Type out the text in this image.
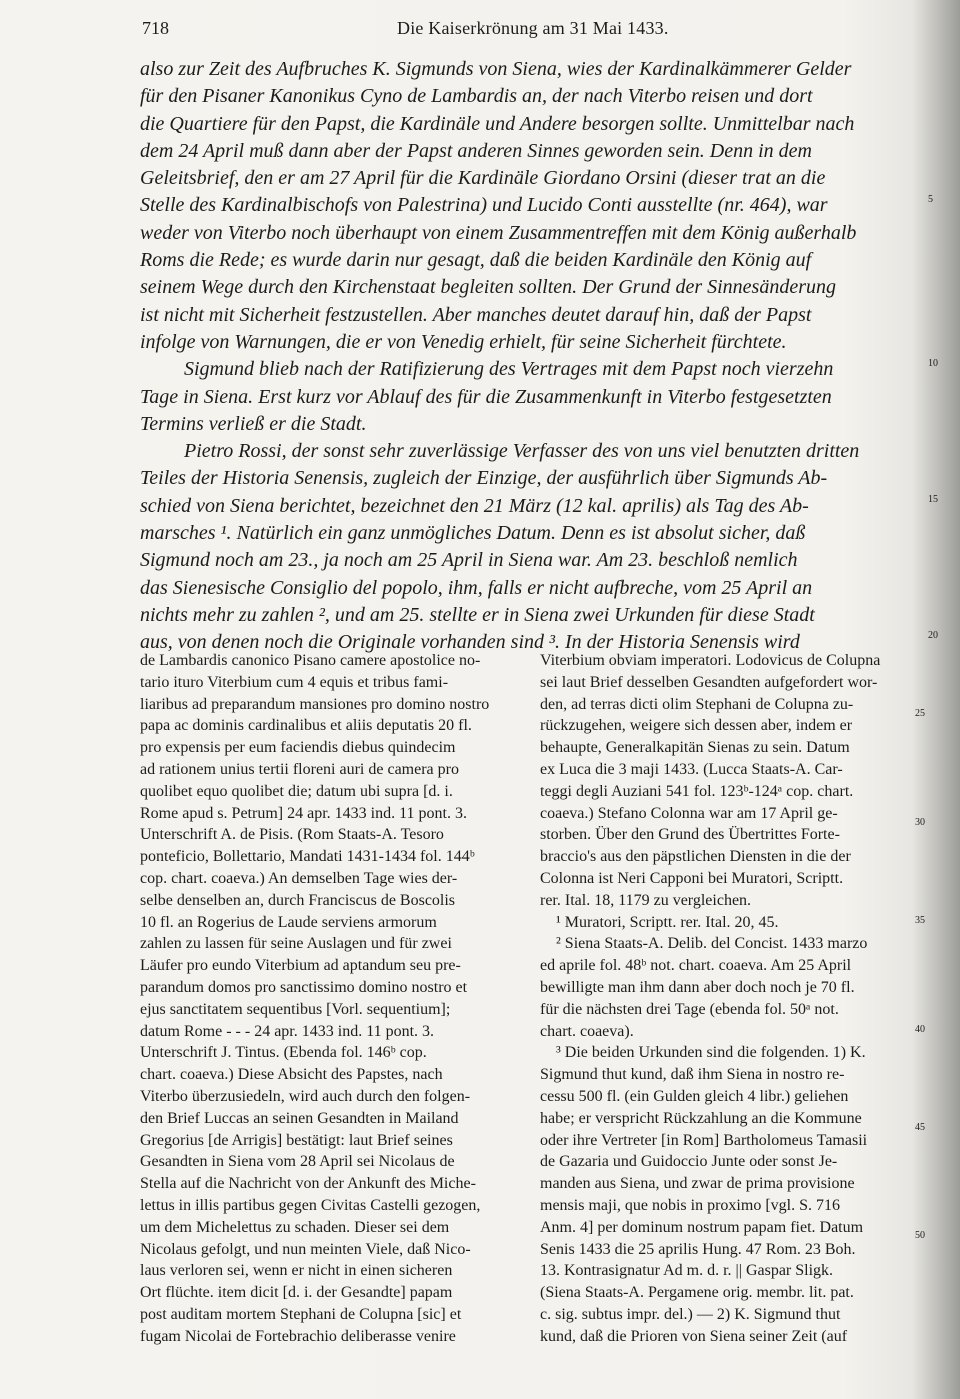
718	Die Kaiserkrönung am 31 Mai 1433.
also zur Zeit des Aufbruches K. Sigmunds von Siena, wies der Kardinalkämmerer Gelder
für den Pisaner Kanonikus Cyno de Lambardis an, der nach Viterbo reisen und dort
die Quartiere für den Papst, die Kardinäle und Andere besorgen sollte. Unmittelbar nach
dem 24 April muß dann aber der Papst anderen Sinnes geworden sein. Denn in dem
Geleitsbrief, den er am 27 April für die Kardinäle Giordano Orsini (dieser trat an die
Stelle des Kardinalbischofs von Palestrina) und Lucido Conti ausstellte (nr. 464), war
weder von Viterbo noch überhaupt von einem Zusammentreffen mit dem König außerhalb
Roms die Rede; es wurde darin nur gesagt, daß die beiden Kardinäle den König auf
seinem Wege durch den Kirchenstaat begleiten sollten. Der Grund der Sinnesänderung
ist nicht mit Sicherheit festzustellen. Aber manches deutet darauf hin, daß der Papst
infolge von Warnungen, die er von Venedig erhielt, für seine Sicherheit fürchtete.
Sigmund blieb nach der Ratifizierung des Vertrages mit dem Papst noch vierzehn
Tage in Siena. Erst kurz vor Ablauf des für die Zusammenkunft in Viterbo festgesetzten
Termins verließ er die Stadt.
Pietro Rossi, der sonst sehr zuverlässige Verfasser des von uns viel benutzten dritten
Teiles der Historia Senensis, zugleich der Einzige, der ausführlich über Sigmunds Ab-
schied von Siena berichtet, bezeichnet den 21 März (12 kal. aprilis) als Tag des Ab-
marsches ¹. Natürlich ein ganz unmögliches Datum. Denn es ist absolut sicher, daß
Sigmund noch am 23., ja noch am 25 April in Siena war. Am 23. beschloß nemlich
das Sienesische Consiglio del popolo, ihm, falls er nicht aufbreche, vom 25 April an
nichts mehr zu zahlen ², und am 25. stellte er in Siena zwei Urkunden für diese Stadt
aus, von denen noch die Originale vorhanden sind ³. In der Historia Senensis wird
5
10
15
20
de Lambardis canonico Pisano camere apostolice no-
tario ituro Viterbium cum 4 equis et tribus fami-
liaribus ad preparandum mansiones pro domino nostro
papa ac dominis cardinalibus et aliis deputatis 20 fl.
pro expensis per eum faciendis diebus quindecim
ad rationem unius tertii floreni auri de camera pro
quolibet equo quolibet die; datum ubi supra [d. i.
Rome apud s. Petrum] 24 apr. 1433 ind. 11 pont. 3.
Unterschrift A. de Pisis. (Rom Staats-A. Tesoro
ponteficio, Bollettario, Mandati 1431-1434 fol. 144ᵇ
cop. chart. coaeva.) An demselben Tage wies der-
selbe denselben an, durch Franciscus de Boscolis
10 fl. an Rogerius de Laude serviens armorum
zahlen zu lassen für seine Auslagen und für zwei
Läufer pro eundo Viterbium ad aptandum seu pre-
parandum domos pro sanctissimo domino nostro et
ejus sanctitatem sequentibus [Vorl. sequentium];
datum Rome - - - 24 apr. 1433 ind. 11 pont. 3.
Unterschrift J. Tintus. (Ebenda fol. 146ᵇ cop.
chart. coaeva.) Diese Absicht des Papstes, nach
Viterbo überzusiedeln, wird auch durch den folgen-
den Brief Luccas an seinen Gesandten in Mailand
Gregorius [de Arrigis] bestätigt: laut Brief seines
Gesandten in Siena vom 28 April sei Nicolaus de
Stella auf die Nachricht von der Ankunft des Miche-
lettus in illis partibus gegen Civitas Castelli gezogen,
um dem Michelettus zu schaden. Dieser sei dem
Nicolaus gefolgt, und nun meinten Viele, daß Nico-
laus verloren sei, wenn er nicht in einen sicheren
Ort flüchte. item dicit [d. i. der Gesandte] papam
post auditam mortem Stephani de Colupna [sic] et
fugam Nicolai de Fortebrachio deliberasse venire
Viterbium obviam imperatori. Lodovicus de Colupna
sei laut Brief desselben Gesandten aufgefordert wor-
den, ad terras dicti olim Stephani de Colupna zu-
rückzugehen, weigere sich dessen aber, indem er
behaupte, Generalkapitän Sienas zu sein. Datum
ex Luca die 3 maji 1433. (Lucca Staats-A. Car-
teggi degli Auziani 541 fol. 123ᵇ-124ᵃ cop. chart.
coaeva.) Stefano Colonna war am 17 April ge-
storben. Über den Grund des Übertrittes Forte-
braccio's aus den päpstlichen Diensten in die der
Colonna ist Neri Capponi bei Muratori, Scriptt.
rer. Ital. 18, 1179 zu vergleichen.
¹ Muratori, Scriptt. rer. Ital. 20, 45.
² Siena Staats-A. Delib. del Concist. 1433 marzo
ed aprile fol. 48ᵇ not. chart. coaeva. Am 25 April
bewilligte man ihm dann aber doch noch je 70 fl.
für die nächsten drei Tage (ebenda fol. 50ᵃ not.
chart. coaeva).
³ Die beiden Urkunden sind die folgenden. 1) K.
Sigmund thut kund, daß ihm Siena in nostro re-
cessu 500 fl. (ein Gulden gleich 4 libr.) geliehen
habe; er verspricht Rückzahlung an die Kommune
oder ihre Vertreter [in Rom] Bartholomeus Tamasii
de Gazaria und Guidoccio Junte oder sonst Je-
manden aus Siena, und zwar de prima provisione
mensis maji, que nobis in proximo [vgl. S. 716
Anm. 4] per dominum nostrum papam fiet. Datum
Senis 1433 die 25 aprilis Hung. 47 Rom. 23 Boh.
13. Kontrasignatur Ad m. d. r. || Gaspar Sligk.
(Siena Staats-A. Pergamene orig. membr. lit. pat.
c. sig. subtus impr. del.) — 2) K. Sigmund thut
kund, daß die Prioren von Siena seiner Zeit (auf
25
30
35
40
45
50
